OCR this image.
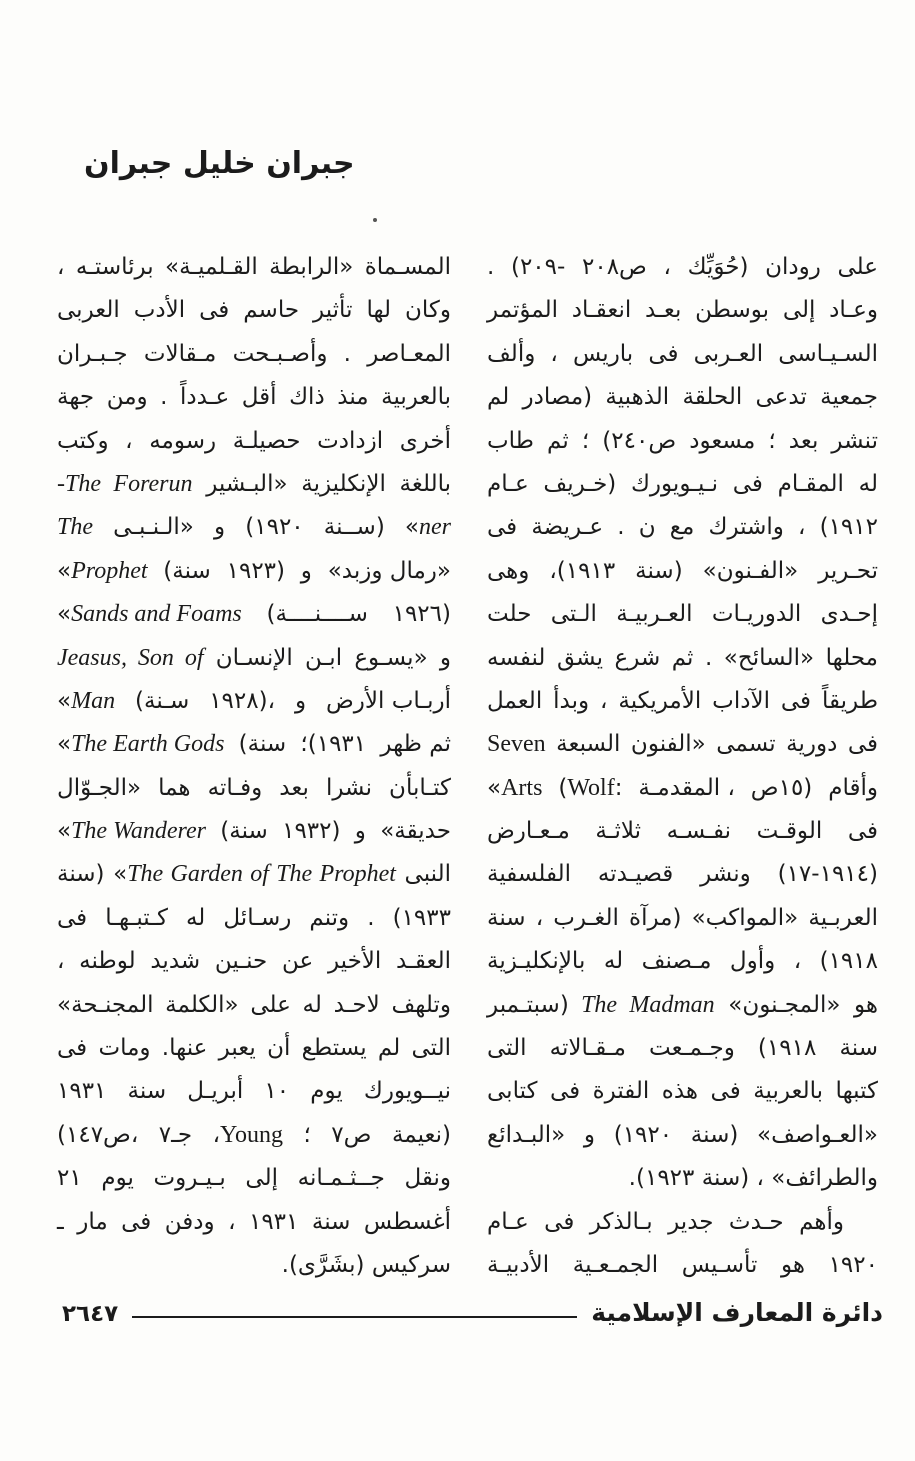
جبران خليل جبران
على رودان (حُوَيِّك ، ص٢٠٨ -٢٠٩) .
وعـاد إلى بوسطن بعـد انعقـاد المؤتمر
السـيـاسى العـربى فى باريس ، وألف
جمعية تدعى الحلقة الذهبية (مصادر لم
تنشر بعد ؛ مسعود ص٢٤٠) ؛ ثم طاب
له المقـام فى نـيـويورك (خـريف عـام
١٩١٢) ، واشترك مع ن . عـريضة فى
تحـرير «الفـنون» (سنة ١٩١٣)، وهى
إحـدى الدوريـات العـربيـة الـتى حلت
محلها «السائح» . ثم شرع يشق لنفسه
طريقاً فى الآداب الأمريكية ، وبدأ العمل
فى دورية تسمى «الفنون السبعة Seven
Arts»	(Wolf: المقدمـة ، ص١٥) وأقام
فى الوقـت نفـسـه ثلاثـة مـعـارض
(١٩١٤-١٧) ونشر قصيـدته الفلسفية
العربـية «المواكب» (مرآة الغـرب ، سنة
١٩١٨) ، وأول مـصنف له بالإنكليـزية
هو «المجـنون» The Madman (سبتـمبر
سنة ١٩١٨) وجـمـعت مـقـالاته التى
كتبها بالعربية فى هذه الفترة فى كتابى
«العـواصف» (سنة ١٩٢٠) و «البـدائع
والطرائف» ، (سنة ١٩٢٣).
وأهم حـدث جدير بـالذكر فى عـام
١٩٢٠ هو تأسـيس الجمـعـية الأدبيـة
المسـماة «الرابطة القـلميـة» برئاستـه ،
وكان لها تأثير حاسم فى الأدب العربى
المعـاصر . وأصـبـحت مـقالات جـبـران
بالعربية منذ ذاك أقل عـدداً . ومن جهة
أخرى ازدادت حصيلـة رسومه ، وكتب
باللغة الإنكليزية «البـشير The Forerun-
ner» (ســنة ١٩٢٠) و «الـنـبـى The
Prophet»	(سنة ١٩٢٣) و «رمال وزبد»
Sands and Foams»	(ســــنــــة ١٩٢٦)
و «يسـوع ابـن الإنسـان Jeasus, Son of
Man»	(سـنة ١٩٢٨)، و أربـاب الأرض
The Earth Gods»	(سنة ١٩٣١)؛ ثم ظهر
كتـابأن نشرا بعد وفـاته هما «الجـوّال
The Wanderer»	(سنة ١٩٣٢) و «حديقة
النبى The Garden of The Prophet» (سنة
١٩٣٣) . وتنم رسـائل له كـتبـهـا فى
العقـد الأخير عن حنـين شديد لوطنه ،
وتلهف لاحـد له على «الكلمة المجنـحة»
التى لم يستطع أن يعبر عنها. ومات فى
نيــويورك يوم ١٠ أبريـل سنة ١٩٣١
(نعيمة ص٧ ؛ Young، جـ٧ ،ص١٤٧)
ونقل جــثـمـانه إلى بـيـروت يوم ٢١
أغسطس سنة ١٩٣١ ، ودفن فى مار ـ
سركيس (بشَرَّى).
٢٦٤٧	دائرة المعارف الإسلامية
